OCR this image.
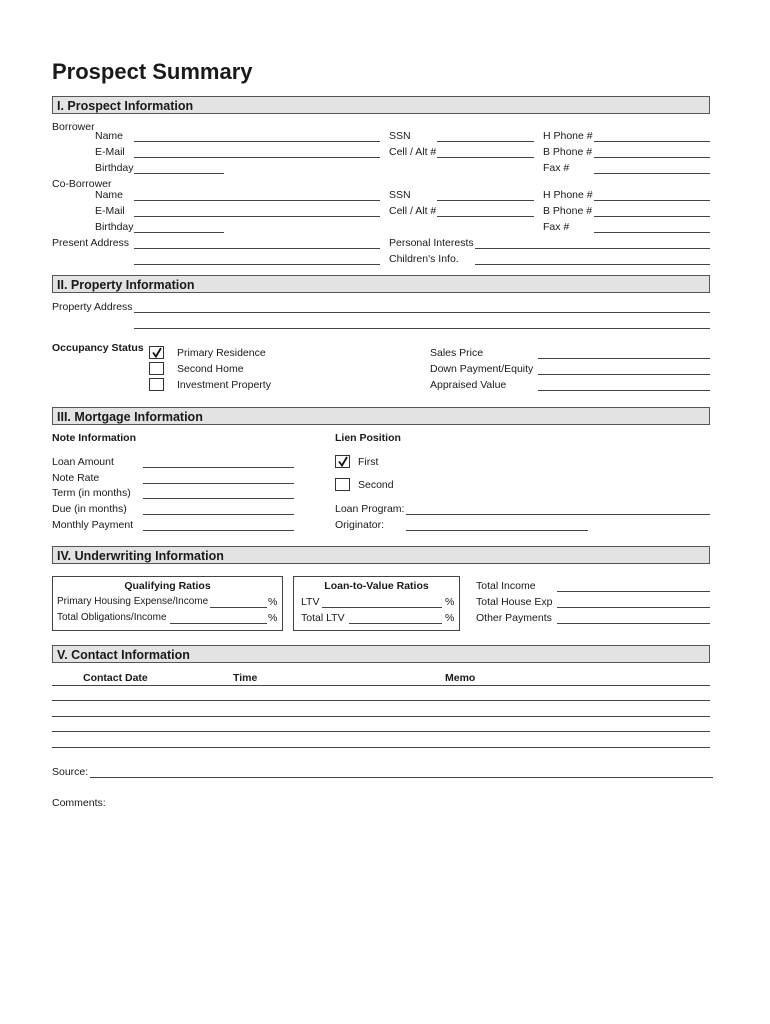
Prospect Summary
I. Prospect Information
Borrower
Name	SSN	H Phone #
E-Mail	Cell / Alt #	B Phone #
Birthday	Fax #
Co-Borrower
Name	SSN	H Phone #
E-Mail	Cell / Alt #	B Phone #
Birthday	Fax #
Present Address	Personal Interests
Children's Info.
II. Property Information
Property Address
Occupancy Status	Primary Residence
Second Home
Investment Property
Sales Price
Down Payment/Equity
Appraised Value
III. Mortgage Information
Note Information	Lien Position
Loan Amount
Note Rate
Term (in months)
Due (in months)
Monthly Payment
First
Second
Loan Program:
Originator:
IV. Underwriting Information
Qualifying Ratios
Primary Housing Expense/Income	%
Total Obligations/Income	%
Loan-to-Value Ratios
LTV	%
Total LTV	%
Total Income
Total House Exp
Other Payments
V. Contact Information
Contact Date	Time	Memo
Source:
Comments:
